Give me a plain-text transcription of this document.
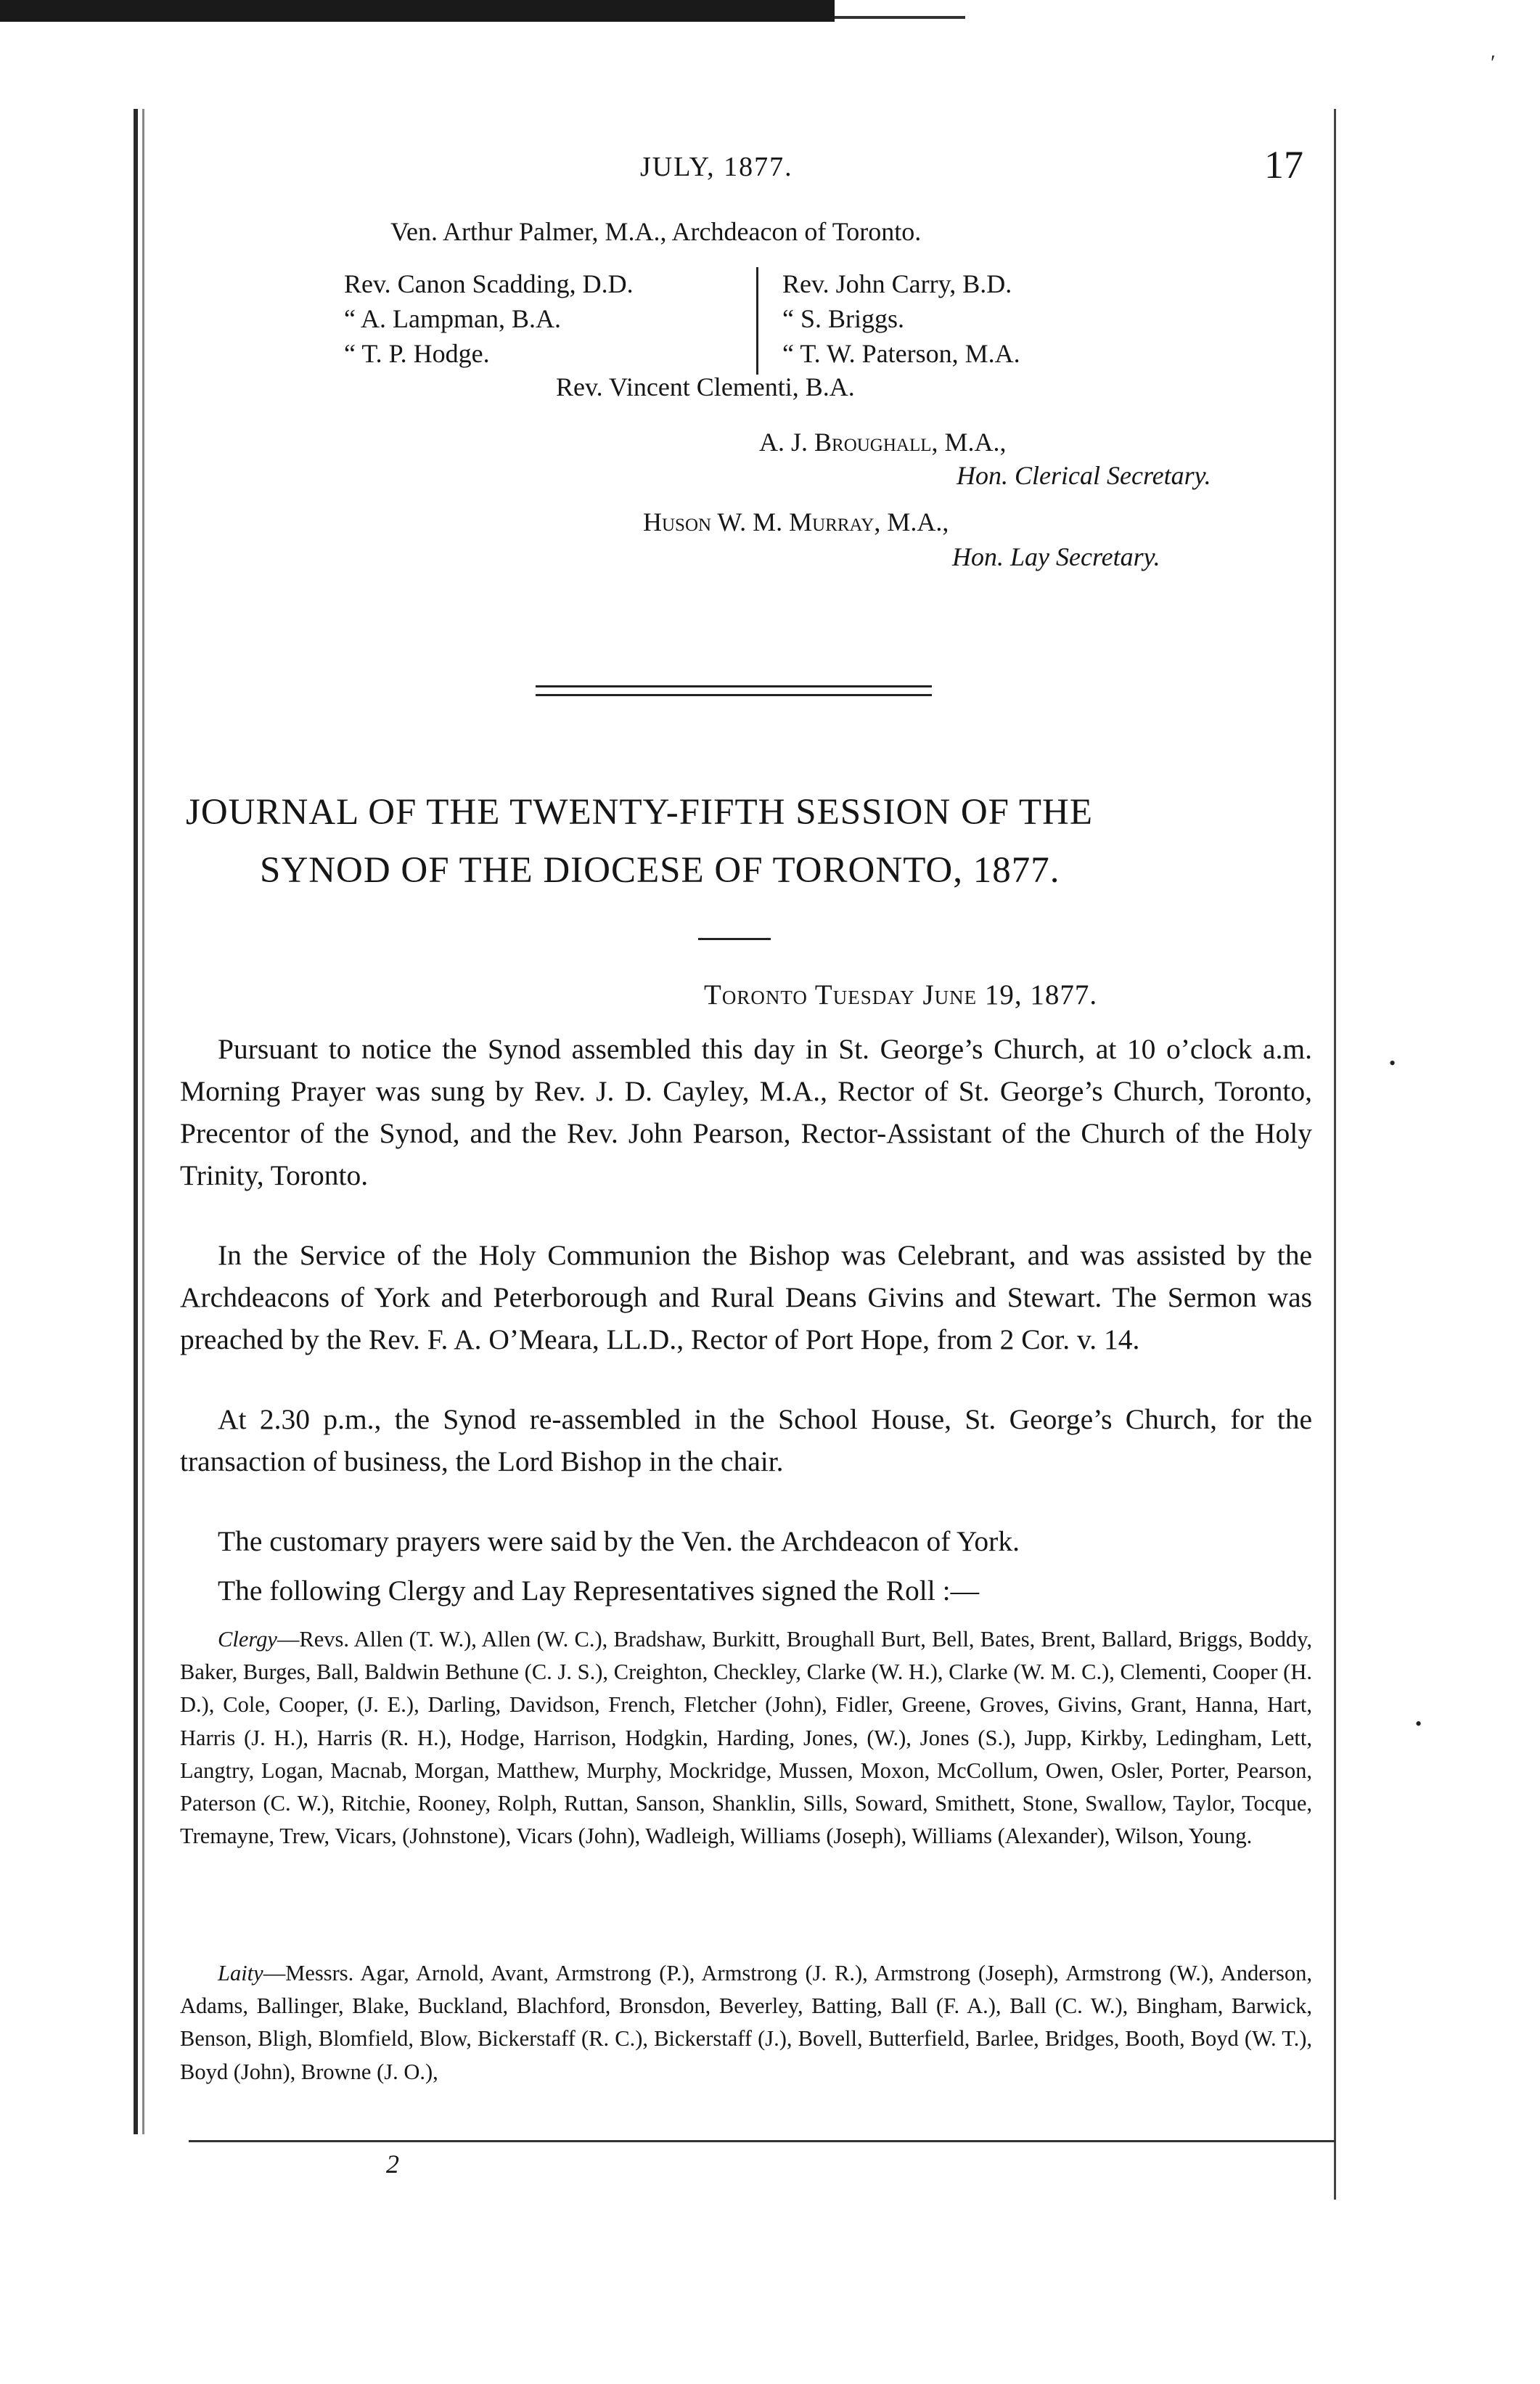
JULY, 1877.	17
Ven. Arthur Palmer, M.A., Archdeacon of Toronto.
Rev. Canon Scadding, D.D.
“ A. Lampman, B.A.
“ T. P. Hodge.
Rev. John Carry, B.D.
“ S. Briggs.
“ T. W. Paterson, M.A.
Rev. Vincent Clementi, B.A.
A. J. Broughall, M.A.,
Hon. Clerical Secretary.
Huson W. M. Murray, M.A.,
Hon. Lay Secretary.
JOURNAL OF THE TWENTY-FIFTH SESSION OF THE
SYNOD OF THE DIOCESE OF TORONTO, 1877.
Toronto Tuesday June 19, 1877.
Pursuant to notice the Synod assembled this day in St. George’s Church, at 10 o’clock a.m. Morning Prayer was sung by Rev. J. D. Cayley, M.A., Rector of St. George’s Church, Toronto, Precentor of the Synod, and the Rev. John Pearson, Rector-Assistant of the Church of the Holy Trinity, Toronto.
In the Service of the Holy Communion the Bishop was Celebrant, and was assisted by the Archdeacons of York and Peterborough and Rural Deans Givins and Stewart. The Sermon was preached by the Rev. F. A. O’Meara, LL.D., Rector of Port Hope, from 2 Cor. v. 14.
At 2.30 p.m., the Synod re-assembled in the School House, St. George’s Church, for the transaction of business, the Lord Bishop in the chair.
The customary prayers were said by the Ven. the Archdeacon of York.
The following Clergy and Lay Representatives signed the Roll :—
Clergy—Revs. Allen (T. W.), Allen (W. C.), Bradshaw, Burkitt, Broughall Burt, Bell, Bates, Brent, Ballard, Briggs, Boddy, Baker, Burges, Ball, Baldwin Bethune (C. J. S.), Creighton, Checkley, Clarke (W. H.), Clarke (W. M. C.), Clementi, Cooper (H. D.), Cole, Cooper, (J. E.), Darling, Davidson, French, Fletcher (John), Fidler, Greene, Groves, Givins, Grant, Hanna, Hart, Harris (J. H.), Harris (R. H.), Hodge, Harrison, Hodgkin, Harding, Jones, (W.), Jones (S.), Jupp, Kirkby, Ledingham, Lett, Langtry, Logan, Macnab, Morgan, Matthew, Murphy, Mockridge, Mussen, Moxon, McCollum, Owen, Osler, Porter, Pearson, Paterson (C. W.), Ritchie, Rooney, Rolph, Ruttan, Sanson, Shanklin, Sills, Soward, Smithett, Stone, Swallow, Taylor, Tocque, Tremayne, Trew, Vicars, (Johnstone), Vicars (John), Wadleigh, Williams (Joseph), Williams (Alexander), Wilson, Young.
Laity—Messrs. Agar, Arnold, Avant, Armstrong (P.), Armstrong (J. R.), Armstrong (Joseph), Armstrong (W.), Anderson, Adams, Ballinger, Blake, Buckland, Blachford, Bronsdon, Beverley, Batting, Ball (F. A.), Ball (C. W.), Bingham, Barwick, Benson, Bligh, Blomfield, Blow, Bickerstaff (R. C.), Bickerstaff (J.), Bovell, Butterfield, Barlee, Bridges, Booth, Boyd (W. T.), Boyd (John), Browne (J. O.),
2
′
•
•
